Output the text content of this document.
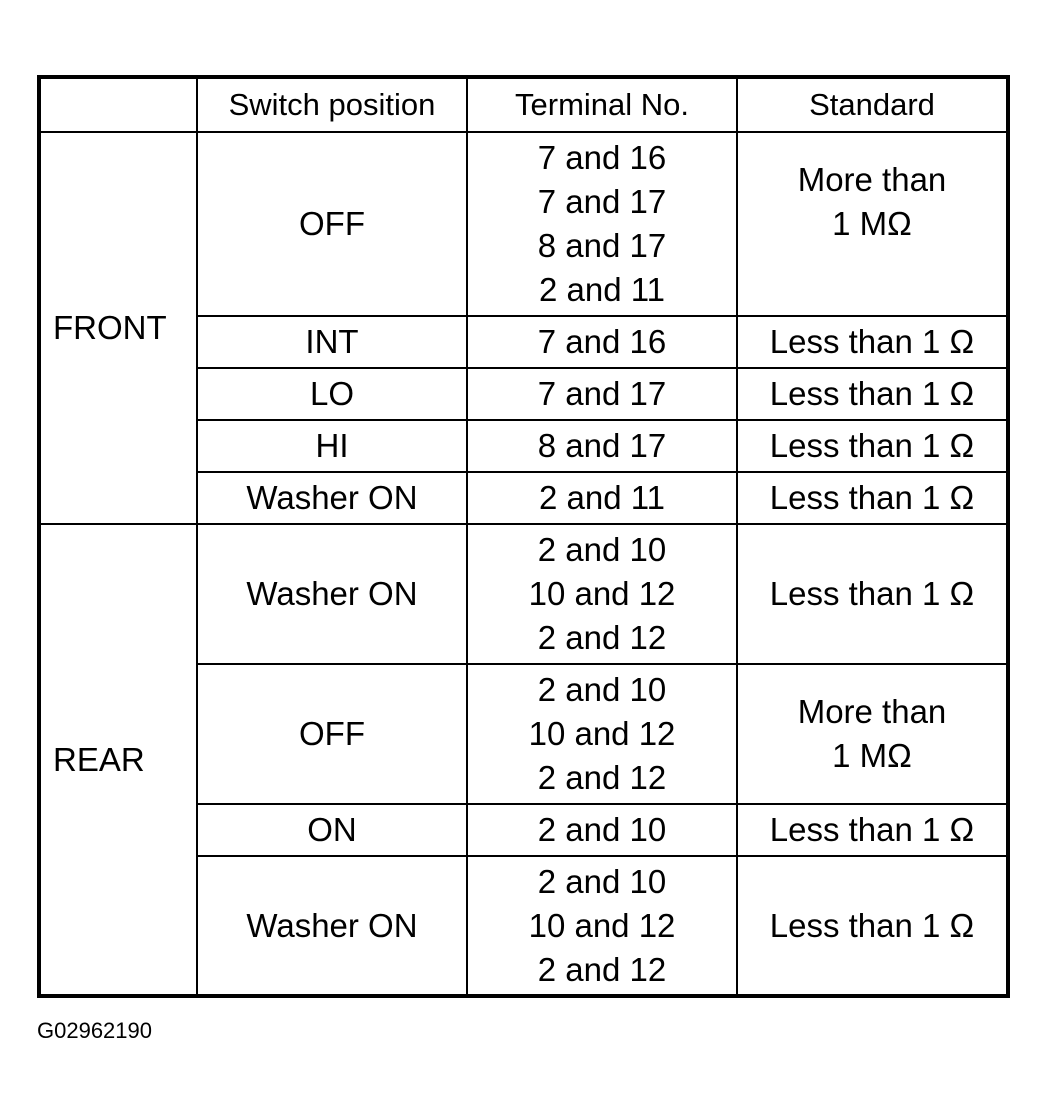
	Switch position	Terminal No.	Standard
FRONT	OFF	7 and 16
7 and 17
8 and 17
2 and 11	More than
1 MΩ

	INT	7 and 16	Less than 1 Ω

	LO	7 and 17	Less than 1 Ω

	HI	8 and 17	Less than 1 Ω

	Washer ON	2 and 11	Less than 1 Ω

REAR	Washer ON	2 and 10
10 and 12
2 and 12	Less than 1 Ω

	OFF	2 and 10
10 and 12
2 and 12	More than
1 MΩ

	ON	2 and 10	Less than 1 Ω

	Washer ON	2 and 10
10 and 12
2 and 12	Less than 1 Ω
G02962190
